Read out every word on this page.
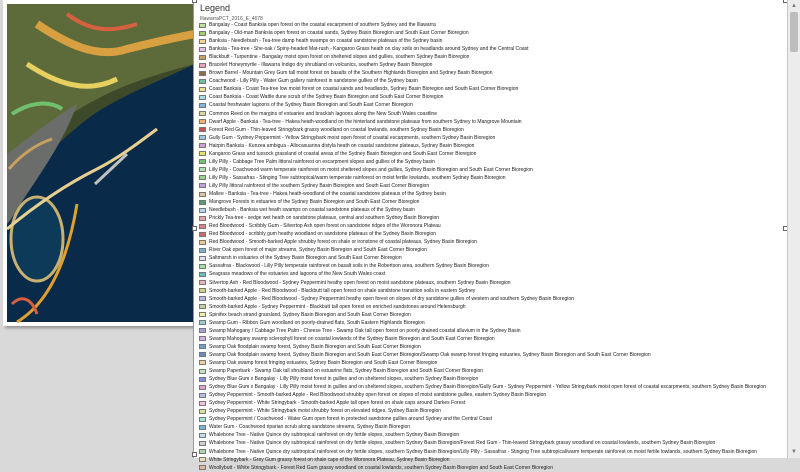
Legend
IllawarraPCT_2016_E_4678
Bangalay - Coast Banksia open forest on the coastal escarpment of southern Sydney and the Illawarra
Bangalay - Old-man Banksia open forest on coastal sands, Sydney Basin Bioregion and South East Corner Bioregion
Banksia - Needlebush - Tea-tree damp heath swamps on coastal sandstone plateaus of the Sydney basin
Banksia - Tea-tree - She-oak / Spiny-headed Mat-rush - Kangaroo Grass heath on clay soils on headlands around Sydney and the Central Coast
Blackbutt - Turpentine - Bangalay moist open forest on sheltered slopes and gullies, southern Sydney Basin Bioregion
Bracelet Honeymyrtle - Illawarra Indigo dry shrubland on volcanics, southern Sydney Basin Bioregion
Brown Barrel - Mountain Grey Gum tall moist forest on basalts of the Southern Highlands Bioregion and Sydney Basin Bioregion
Coachwood - Lilly Pilly - Water Gum gallery rainforest in sandstone gullies of the Sydney basin
Coast Banksia - Coast Tea-tree low moist forest on coastal sands and headlands, Sydney Basin Bioregion and South East Corner Bioregion
Coast Banksia - Coast Wattle dune scrub of the Sydney Basin Bioregion and South East Corner Bioregion
Coastal freshwater lagoons of the Sydney Basin Bioregion and South East Corner Bioregion
Common Reed on the margins of estuaries and brackish lagoons along the New South Wales coastline
Dwarf Apple - Banksia - Tea-tree - Hakea heath-woodland on the hinterland sandstone plateaus from southern Sydney to Mangrove Mountain
Forest Red Gum - Thin-leaved Stringybark grassy woodland on coastal lowlands, southern Sydney Basin Bioregion
Gully Gum - Sydney Peppermint - Yellow Stringybark moist open forest of coastal escarpments, southern Sydney Basin Bioregion
Hairpin Banksia - Kunzea ambigua - Allocasuarina distyla heath on coastal sandstone plateaus, Sydney Basin Bioregion
Kangaroo Grass and tussock grassland of coastal areas of the Sydney Basin Bioregion and South East Corner Bioregion
Lilly Pilly - Cabbage Tree Palm littoral rainforest on escarpment slopes and gullies of the Sydney basin
Lilly Pilly - Coachwood warm temperate rainforest on moist sheltered slopes and gullies, Sydney Basin Bioregion and South East Corner Bioregion
Lilly Pilly - Sassafras - Stinging Tree subtropical/warm temperate rainforest on moist fertile lowlands, southern Sydney Basin Bioregion
Lilly Pilly littoral rainforest of the southern Sydney Basin Bioregion and South East Corner Bioregion
Mallee - Banksia - Tea-tree - Hakea heath-woodland of the coastal sandstone plateaus of the Sydney basin
Mangrove Forests in estuaries of the Sydney Basin Bioregion and South East Corner Bioregion
Needlebush - Banksia wet heath swamps on coastal sandstone plateaus of the Sydney basin
Prickly Tea-tree - sedge wet heath on sandstone plateaux, central and southern Sydney Basin Bioregion
Red Bloodwood - Scribbly Gum - Silvertop Ash open forest on sandstone ridges of the Woronora Plateau
Red Bloodwood - scribbly gum heathy woodland on sandstone plateaus of the Sydney Basin Bioregion
Red Bloodwood - Smooth-barked Apple shrubby forest on shale or ironstone of coastal plateaus, Sydney Basin Bioregion
River Oak open forest of major streams, Sydney Basin Bioregion and South East Corner Bioregion
Saltmarsh in estuaries of the Sydney Basin Bioregion and South East Corner Bioregion
Sassafras - Blackwood - Lilly Pilly temperate rainforest on basalt soils in the Robertson area, southern Sydney Basin Bioregion
Seagrass meadows of the estuaries and lagoons of the New South Wales coast
Silvertop Ash - Red Bloodwood - Sydney Peppermint heathy open forest on moist sandstone plateaux, southern Sydney Basin Bioregion
Smooth-barked Apple - Red Bloodwood - Blackbutt tall open forest on shale sandstone transition soils in eastern Sydney
Smooth-barked Apple - Red Bloodwood - Sydney Peppermint heathy open forest on slopes of dry sandstone gullies of western and southern Sydney Basin Bioregion
Smooth-barked Apple - Sydney Peppermint - Blackbutt tall open forest on enriched sandstones around Helensburgh
Spinifex beach strand grassland, Sydney Basin Bioregion and South East Corner Bioregion
Swamp Gum - Ribbon Gum woodland on poorly-drained flats, South Eastern Highlands Bioregion
Swamp Mahogany / Cabbage Tree Palm - Cheese Tree - Swamp Oak tall open forest on poorly drained coastal alluvium in the Sydney Basin
Swamp Mahogany swamp sclerophyll forest on coastal lowlands of the Sydney Basin Bioregion and South East Corner Bioregion
Swamp Oak floodplain swamp forest, Sydney Basin Bioregion and South East Corner Bioregion
Swamp Oak floodplain swamp forest, Sydney Basin Bioregion and South East Corner Bioregion/Swamp Oak swamp forest fringing estuaries, Sydney Basin Bioregion and South East Corner Bioregion
Swamp Oak swamp forest fringing estuaries, Sydney Basin Bioregion and South East Corner Bioregion
Swamp Paperbark - Swamp Oak tall shrubland on estuarine flats, Sydney Basin Bioregion and South East Corner Bioregion
Sydney Blue Gum x Bangalay - Lilly Pilly moist forest in gullies and on sheltered slopes, southern Sydney Basin Bioregion
Sydney Blue Gum x Bangalay - Lilly Pilly moist forest in gullies and on sheltered slopes, southern Sydney Basin Bioregion/Gully Gum - Sydney Peppermint - Yellow Stringybark moist open forest of coastal escarpments, southern Sydney Basin Bioregion
Sydney Peppermint - Smooth-barked Apple - Red Bloodwood shrubby open forest on slopes of moist sandstone gullies, eastern Sydney Basin Bioregion
Sydney Peppermint - White Stringybark - Smooth-barked Apple tall open forest on shale caps around Darkes Forest
Sydney Peppermint - White Stringybark moist shrubby forest on elevated ridges, Sydney Basin Bioregion
Sydney Peppermint / Coachwood - Water Gum open forest in protected sandstone gullies around Sydney and the Central Coast
Water Gum - Coachwood riparian scrub along sandstone streams, Sydney Basin Bioregion
Whalebone Tree - Native Quince dry subtropical rainforest on dry fertile slopes, southern Sydney Basin Bioregion
Whalebone Tree - Native Quince dry subtropical rainforest on dry fertile slopes, southern Sydney Basin Bioregion/Forest Red Gum - Thin-leaved Stringybark grassy woodland on coastal lowlands, southern Sydney Basin Bioregion
Whalebone Tree - Native Quince dry subtropical rainforest on dry fertile slopes, southern Sydney Basin Bioregion/Lilly Pilly - Sassafras - Stinging Tree subtropical/warm temperate rainforest on moist fertile lowlands, southern Sydney Basin Bioregion
White Stringybark - Grey Gum grassy forest on shale caps of the Woronora Plateau, Sydney Basin Bioregion
Woollybutt - White Stringybark - Forest Red Gum grassy woodland on coastal lowlands, southern Sydney Basin Bioregion and South East Corner Bioregion
▲
▼
